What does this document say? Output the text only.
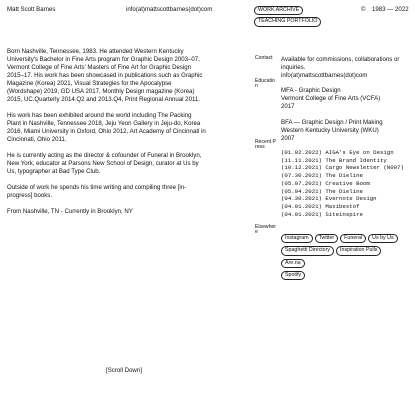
Matt Scott Barnes	info(at)mattscottbarnes(dot)com	WORK ARCHIVE
TEACHING PORTFOLIO
© 1983 — 2022

Born Nashville, Tennessee, 1983. He attended Western Kentucky University's Bachelor in Fine Arts program for Graphic Design 2003–07, Vermont College of Fine Arts' Masters of Fine Art for Graphic Design 2015–17. His work has been showcased in publications such as Graphic Magazine (Korea) 2021, Visual Strategies for the Apocalypse (Wordshape) 2019, GD USA 2017, Monthly Design magazine (Korea) 2015, UC.Quarterly 2014.Q2 and 2013.Q4, Print Regional Annual 2011.

His work has been exhibited around the world including The Packing Plant in Nashville, Tennessee 2018, Jeju Yeon Gallery in Jeju-do, Korea 2016, Miami University in Oxford, Ohio 2012, Art Academy of Cincinnati in Cincinnati, Ohio 2011.

He is currently acting as the director & cofounder of Funeral in Brooklyn, New York, educator at Parsons New School of Design, curator at Us by Us, typographer at Bad Type Club.

Outside of work he spends his time writing and compiling three [in-progress] books.

From Nashville, TN - Currently in Brooklyn, NY

Contact	Available for commissions, collaborations or inquiries.
info(at)mattscottbarnes(dot)com
Education

MFA - Graphic Design
Vermont College of Fine Arts (VCFA)
2017

BFA — Graphic Design / Print Making
Western Kentucky University (WKU)
2007

Recent Press
(01.02.2022) AIGA's Eye on Design
(11.11.2021) The Brand Identity
(10.12.2021) Cargo Newsletter (N007)
(07.30.2021) The Dieline
(05.07.2021) Creative Boom
(05.04.2021) The Dieline
(04.30.2021) Evernote Design
(04.01.2021) Maxibestof
(04.01.2021) Siteinspire
Elsewhere
Instagram Twitter Funeral Us by Us
Spaghetti Directory Inspiration PullsAre.na
Spotify
[Scroll Down]
